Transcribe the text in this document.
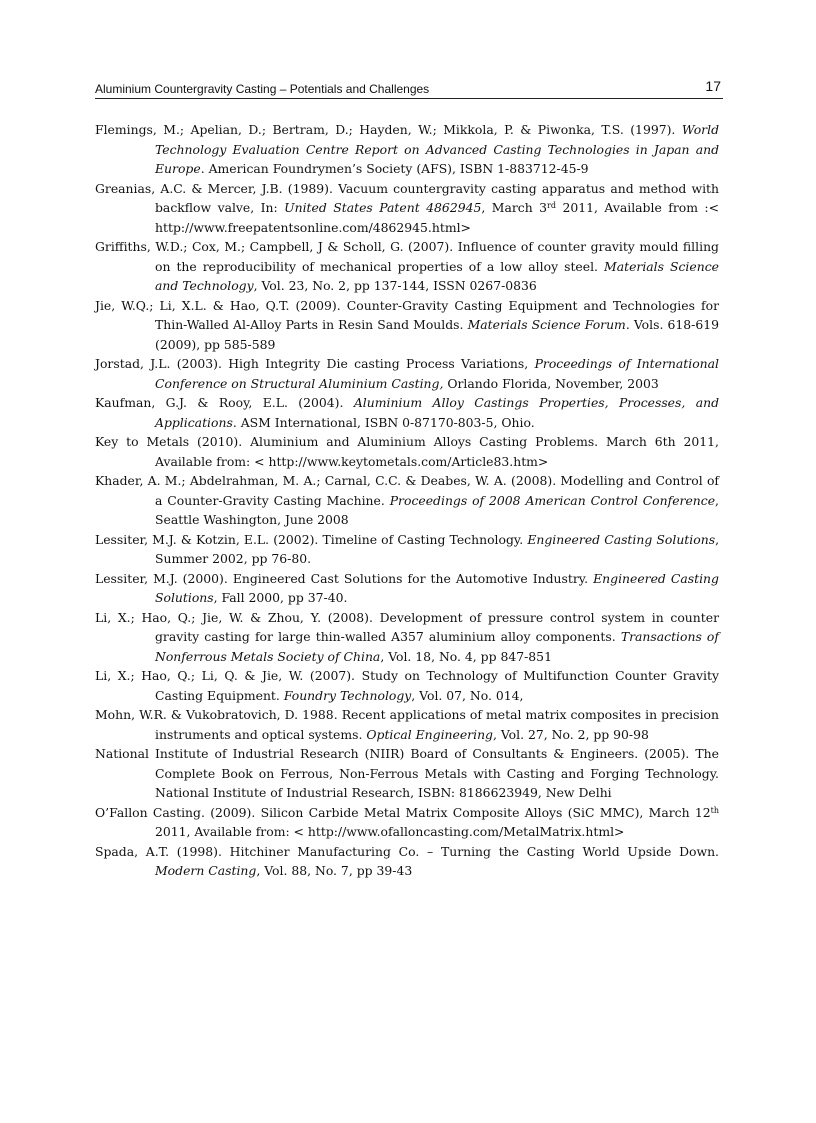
Aluminium Countergravity Casting – Potentials and Challenges	17

Flemings, M.; Apelian, D.; Bertram, D.; Hayden, W.; Mikkola, P. & Piwonka, T.S. (1997). World Technology Evaluation Centre Report on Advanced Casting Technologies in Japan and Europe. American Foundrymen’s Society (AFS), ISBN 1-883712-45-9

Greanias, A.C. & Mercer, J.B. (1989). Vacuum countergravity casting apparatus and method with backflow valve, In: United States Patent 4862945, March 3rd 2011, Available from :< http://www.freepatentsonline.com/4862945.html>

Griffiths, W.D.; Cox, M.; Campbell, J & Scholl, G. (2007). Influence of counter gravity mould filling on the reproducibility of mechanical properties of a low alloy steel. Materials Science and Technology, Vol. 23, No. 2, pp 137-144, ISSN 0267-0836

Jie, W.Q.; Li, X.L. & Hao, Q.T. (2009). Counter-Gravity Casting Equipment and Technologies for Thin-Walled Al-Alloy Parts in Resin Sand Moulds. Materials Science Forum. Vols. 618-619 (2009), pp 585-589

Jorstad, J.L. (2003). High Integrity Die casting Process Variations, Proceedings of International Conference on Structural Aluminium Casting, Orlando Florida, November, 2003

Kaufman, G.J. & Rooy, E.L. (2004). Aluminium Alloy Castings Properties, Processes, and Applications. ASM International, ISBN 0-87170-803-5, Ohio.

Key to Metals (2010). Aluminium and Aluminium Alloys Casting Problems. March 6th 2011, Available from: < http://www.keytometals.com/Article83.htm>

Khader, A. M.; Abdelrahman, M. A.; Carnal, C.C. & Deabes, W. A. (2008). Modelling and Control of a Counter-Gravity Casting Machine. Proceedings of 2008 American Control Conference, Seattle Washington, June 2008

Lessiter, M.J. & Kotzin, E.L. (2002). Timeline of Casting Technology. Engineered Casting Solutions, Summer 2002, pp 76-80.

Lessiter, M.J. (2000). Engineered Cast Solutions for the Automotive Industry. Engineered Casting Solutions, Fall 2000, pp 37-40.

Li, X.; Hao, Q.; Jie, W. & Zhou, Y. (2008). Development of pressure control system in counter gravity casting for large thin-walled A357 aluminium alloy components. Transactions of Nonferrous Metals Society of China, Vol. 18, No. 4, pp 847-851

Li, X.; Hao, Q.; Li, Q. & Jie, W. (2007). Study on Technology of Multifunction Counter Gravity Casting Equipment. Foundry Technology, Vol. 07, No. 014,

Mohn, W.R. & Vukobratovich, D. 1988. Recent applications of metal matrix composites in precision instruments and optical systems. Optical Engineering, Vol. 27, No. 2, pp 90-98

National Institute of Industrial Research (NIIR) Board of Consultants & Engineers. (2005). The Complete Book on Ferrous, Non-Ferrous Metals with Casting and Forging Technology. National Institute of Industrial Research, ISBN: 8186623949, New Delhi

O’Fallon Casting. (2009). Silicon Carbide Metal Matrix Composite Alloys (SiC MMC), March 12th 2011, Available from: < http://www.ofalloncasting.com/MetalMatrix.html>

Spada, A.T. (1998). Hitchiner Manufacturing Co. – Turning the Casting World Upside Down. Modern Casting, Vol. 88, No. 7, pp 39-43
